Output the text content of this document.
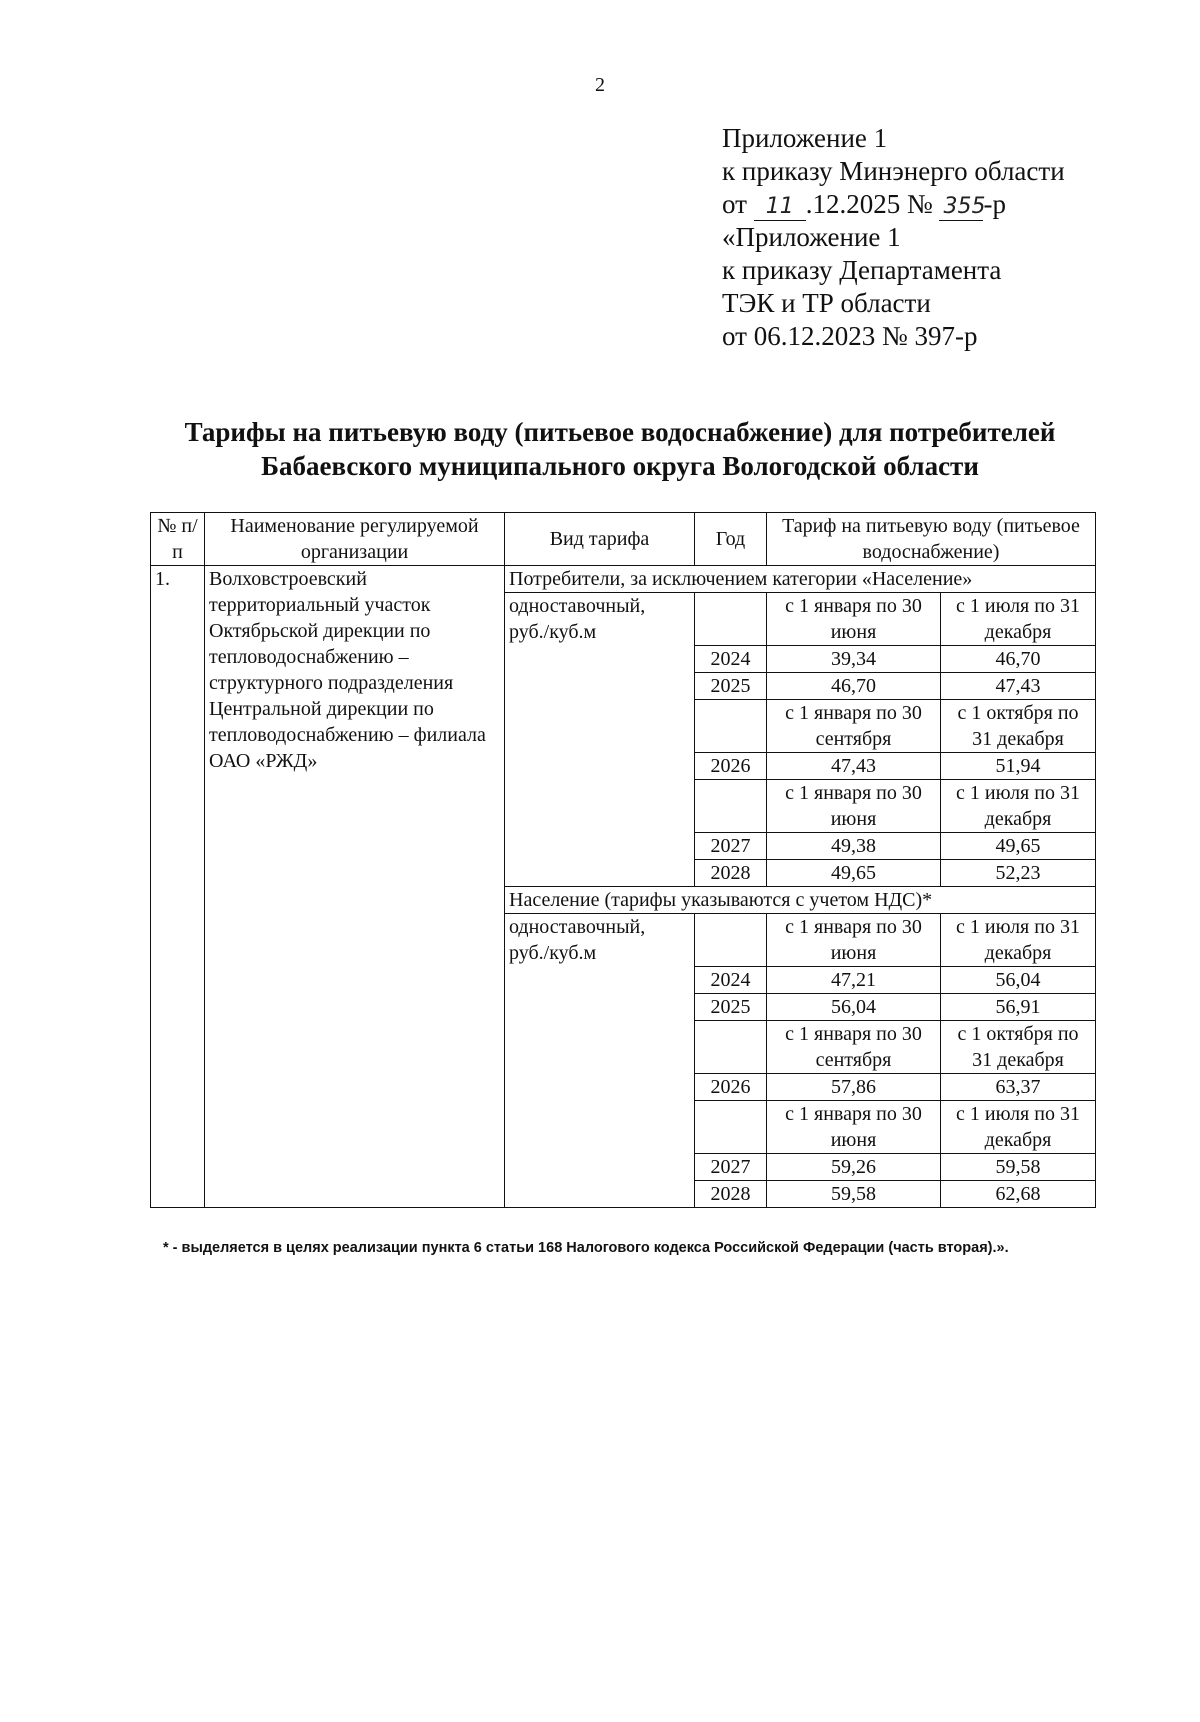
2
Приложение 1
к приказу Минэнерго области
от 11 .12.2025 № 355-р
«Приложение 1
к приказу Департамента
ТЭК и ТР области
от 06.12.2023 № 397-р
Тарифы на питьевую воду (питьевое водоснабжение) для потребителей
Бабаевского муниципального округа Вологодской области
№ п/п	Наименование регулируемой организации	Вид тарифа	Год	Тариф на питьевую воду (питьевое водоснабжение)	
1.	Волховстроевский территориальный участок Октябрьской дирекции по тепловодоснабжению – структурного подразделения Центральной дирекции по тепловодоснабжению – филиала ОАО «РЖД»	Потребители, за исключением категории «Население»			
		одноставочный, руб./куб.м		с 1 января по 30 июня	с 1 июля по 31 декабря
			2024	39,34	46,70
			2025	46,70	47,43
				с 1 января по 30 сентября	с 1 октября по 31 декабря
			2026	47,43	51,94
				с 1 января по 30 июня	с 1 июля по 31 декабря
			2027	49,38	49,65
			2028	49,65	52,23
		Население (тарифы указываются с учетом НДС)*			
		одноставочный, руб./куб.м		с 1 января по 30 июня	с 1 июля по 31 декабря
			2024	47,21	56,04
			2025	56,04	56,91
				с 1 января по 30 сентября	с 1 октября по 31 декабря
			2026	57,86	63,37
				с 1 января по 30 июня	с 1 июля по 31 декабря
			2027	59,26	59,58
			2028	59,58	62,68
* - выделяется в целях реализации пункта 6 статьи 168 Налогового кодекса Российской Федерации (часть вторая).».
